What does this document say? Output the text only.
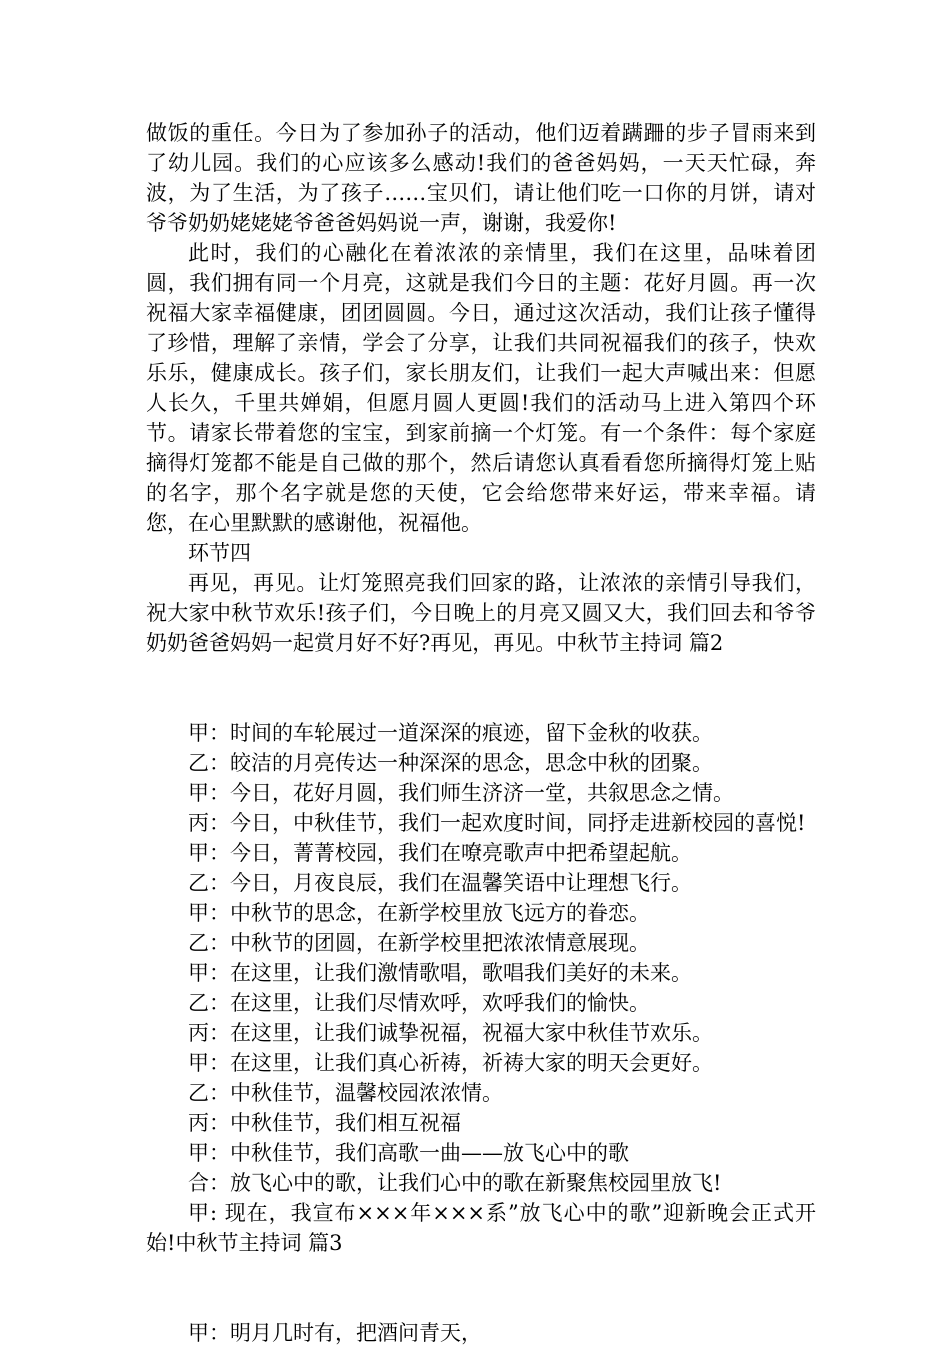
做饭的重任。今日为了参加孙子的活动，他们迈着蹒跚的步子冒雨来到了幼儿园。我们的心应该多么感动!我们的爸爸妈妈，一天天忙碌，奔波，为了生活，为了孩子……宝贝们，请让他们吃一口你的月饼，请对爷爷奶奶姥姥姥爷爸爸妈妈说一声，谢谢，我爱你!

此时，我们的心融化在着浓浓的亲情里，我们在这里，品味着团圆，我们拥有同一个月亮，这就是我们今日的主题：花好月圆。再一次祝福大家幸福健康，团团圆圆。今日，通过这次活动，我们让孩子懂得了珍惜，理解了亲情，学会了分享，让我们共同祝福我们的孩子，快欢乐乐，健康成长。孩子们，家长朋友们，让我们一起大声喊出来：但愿人长久，千里共婵娟，但愿月圆人更圆!我们的活动马上进入第四个环节。请家长带着您的宝宝，到家前摘一个灯笼。有一个条件：每个家庭摘得灯笼都不能是自己做的那个，然后请您认真看看您所摘得灯笼上贴的名字，那个名字就是您的天使，它会给您带来好运，带来幸福。请您，在心里默默的感谢他，祝福他。

环节四

再见，再见。让灯笼照亮我们回家的路，让浓浓的亲情引导我们，祝大家中秋节欢乐!孩子们，今日晚上的月亮又圆又大，我们回去和爷爷奶奶爸爸妈妈一起赏月好不好?再见，再见。中秋节主持词 篇2

甲：时间的车轮展过一道深深的痕迹，留下金秋的收获。

乙：皎洁的月亮传达一种深深的思念，思念中秋的团聚。

甲：今日，花好月圆，我们师生济济一堂，共叙思念之情。

丙：今日，中秋佳节，我们一起欢度时间，同抒走进新校园的喜悦!

甲：今日，菁菁校园，我们在嘹亮歌声中把希望起航。

乙：今日，月夜良辰，我们在温馨笑语中让理想飞行。

甲：中秋节的思念，在新学校里放飞远方的眷恋。

乙：中秋节的团圆，在新学校里把浓浓情意展现。

甲：在这里，让我们激情歌唱，歌唱我们美好的未来。

乙：在这里，让我们尽情欢呼，欢呼我们的愉快。

丙：在这里，让我们诚挚祝福，祝福大家中秋佳节欢乐。

甲：在这里，让我们真心祈祷，祈祷大家的明天会更好。

乙：中秋佳节，温馨校园浓浓情。

丙：中秋佳节，我们相互祝福

甲：中秋佳节，我们高歌一曲——放飞心中的歌

合：放飞心中的歌，让我们心中的歌在新聚焦校园里放飞!

甲: 现在，我宣布×××年×××系”放飞心中的歌”迎新晚会正式开始!中秋节主持词 篇3

甲：明月几时有，把酒问青天，
